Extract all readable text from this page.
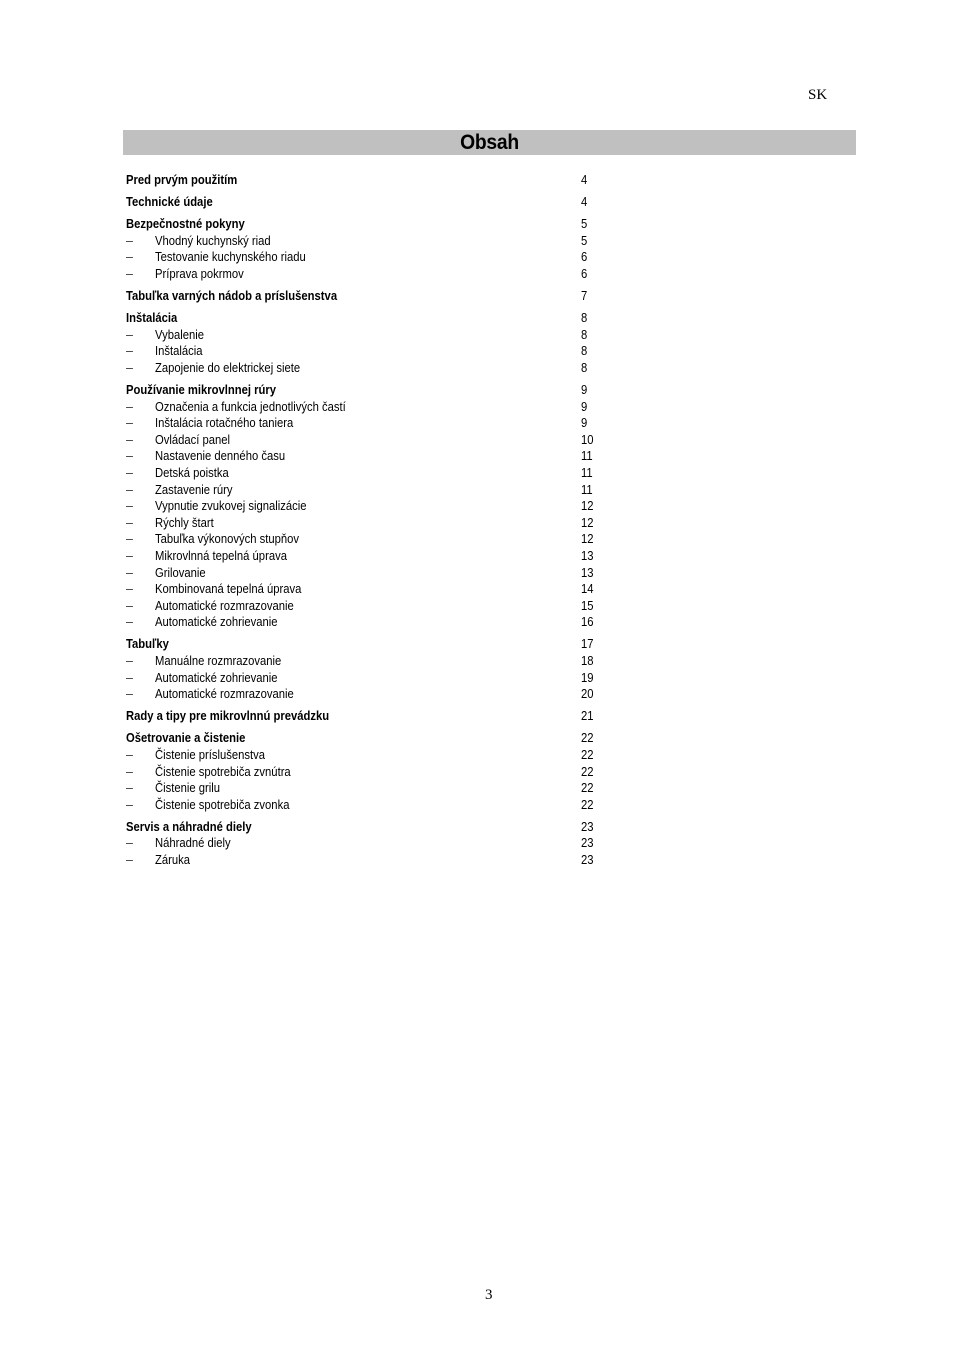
SK
Obsah
Pred prvým použitím	4
Technické údaje	4
Bezpečnostné pokyny	5
– Vhodný kuchynský riad	5
– Testovanie kuchynského riadu	6
– Príprava pokrmov	6
Tabuľka varných nádob a príslušenstva	7
Inštalácia	8
– Vybalenie	8
– Inštalácia	8
– Zapojenie do elektrickej siete	8
Používanie mikrovlnnej rúry	9
– Označenia a funkcia jednotlivých častí	9
– Inštalácia rotačného taniera	9
– Ovládací panel	10
– Nastavenie denného času	11
– Detská poistka	11
– Zastavenie rúry	11
– Vypnutie zvukovej signalizácie	12
– Rýchly štart	12
– Tabuľka výkonových stupňov	12
– Mikrovlnná tepelná úprava	13
– Grilovanie	13
– Kombinovaná tepelná úprava	14
– Automatické rozmrazovanie	15
– Automatické zohrievanie	16
Tabuľky	17
– Manuálne rozmrazovanie	18
– Automatické zohrievanie	19
– Automatické rozmrazovanie	20
Rady a tipy pre mikrovlnnú prevádzku	21
Ošetrovanie a čistenie	22
– Čistenie príslušenstva	22
– Čistenie spotrebiča zvnútra	22
– Čistenie grilu	22
– Čistenie spotrebiča zvonka	22
Servis a náhradné diely	23
– Náhradné diely	23
– Záruka	23
3
